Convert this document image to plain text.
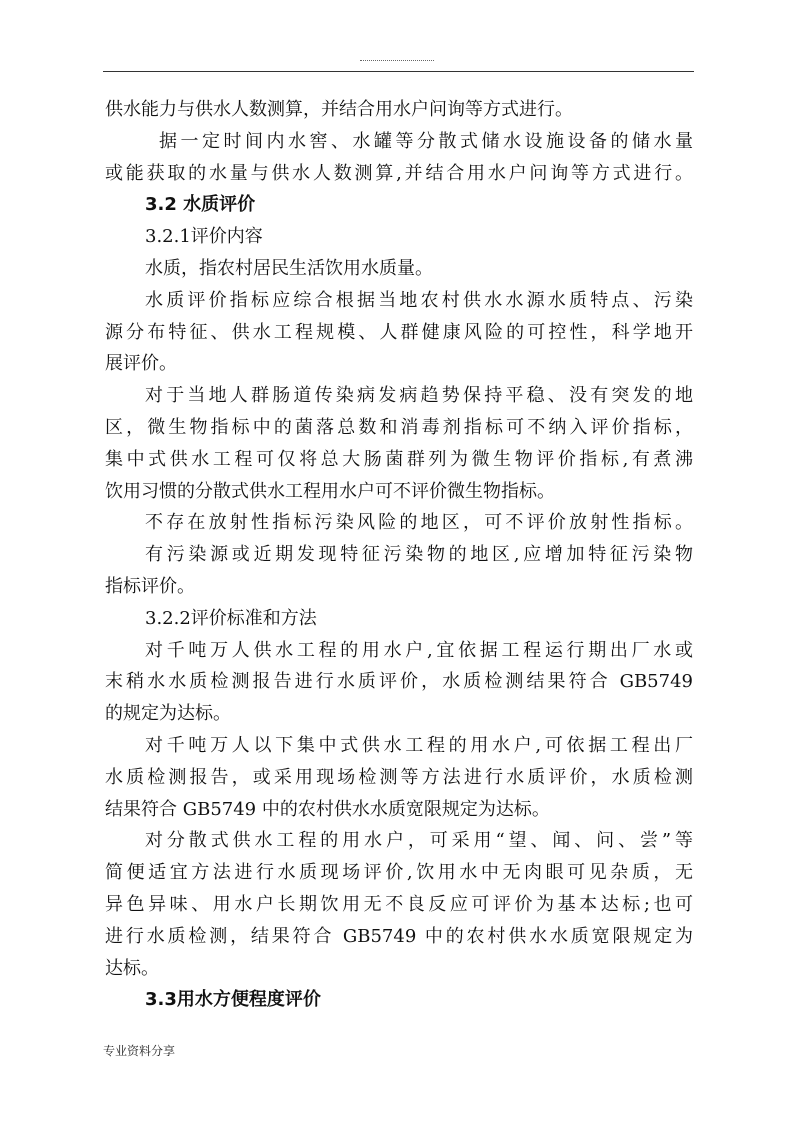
供水能力与供水人数测算，并结合用水户问询等方式进行。
据一定时间内水窖、水罐等分散式储水设施设备的储水量
或能获取的水量与供水人数测算,并结合用水户问询等方式进行。
3.2 水质评价
3.2.1评价内容
水质，指农村居民生活饮用水质量。
水质评价指标应综合根据当地农村供水水源水质特点、污染
源分布特征、供水工程规模、人群健康风险的可控性，科学地开
展评价。
对于当地人群肠道传染病发病趋势保持平稳、没有突发的地
区，微生物指标中的菌落总数和消毒剂指标可不纳入评价指标，
集中式供水工程可仅将总大肠菌群列为微生物评价指标,有煮沸
饮用习惯的分散式供水工程用水户可不评价微生物指标。
不存在放射性指标污染风险的地区，可不评价放射性指标。
有污染源或近期发现特征污染物的地区,应增加特征污染物
指标评价。
3.2.2评价标准和方法
对千吨万人供水工程的用水户,宜依据工程运行期出厂水或
末稍水水质检测报告进行水质评价，水质检测结果符合 GB5749
的规定为达标。
对千吨万人以下集中式供水工程的用水户,可依据工程出厂
水质检测报告，或采用现场检测等方法进行水质评价，水质检测
结果符合 GB5749 中的农村供水水质宽限规定为达标。
对分散式供水工程的用水户，可采用“望、闻、问、尝”等
简便适宜方法进行水质现场评价,饮用水中无肉眼可见杂质，无
异色异味、用水户长期饮用无不良反应可评价为基本达标;也可
进行水质检测，结果符合 GB5749 中的农村供水水质宽限规定为
达标。
3.3用水方便程度评价
专业资料分享
